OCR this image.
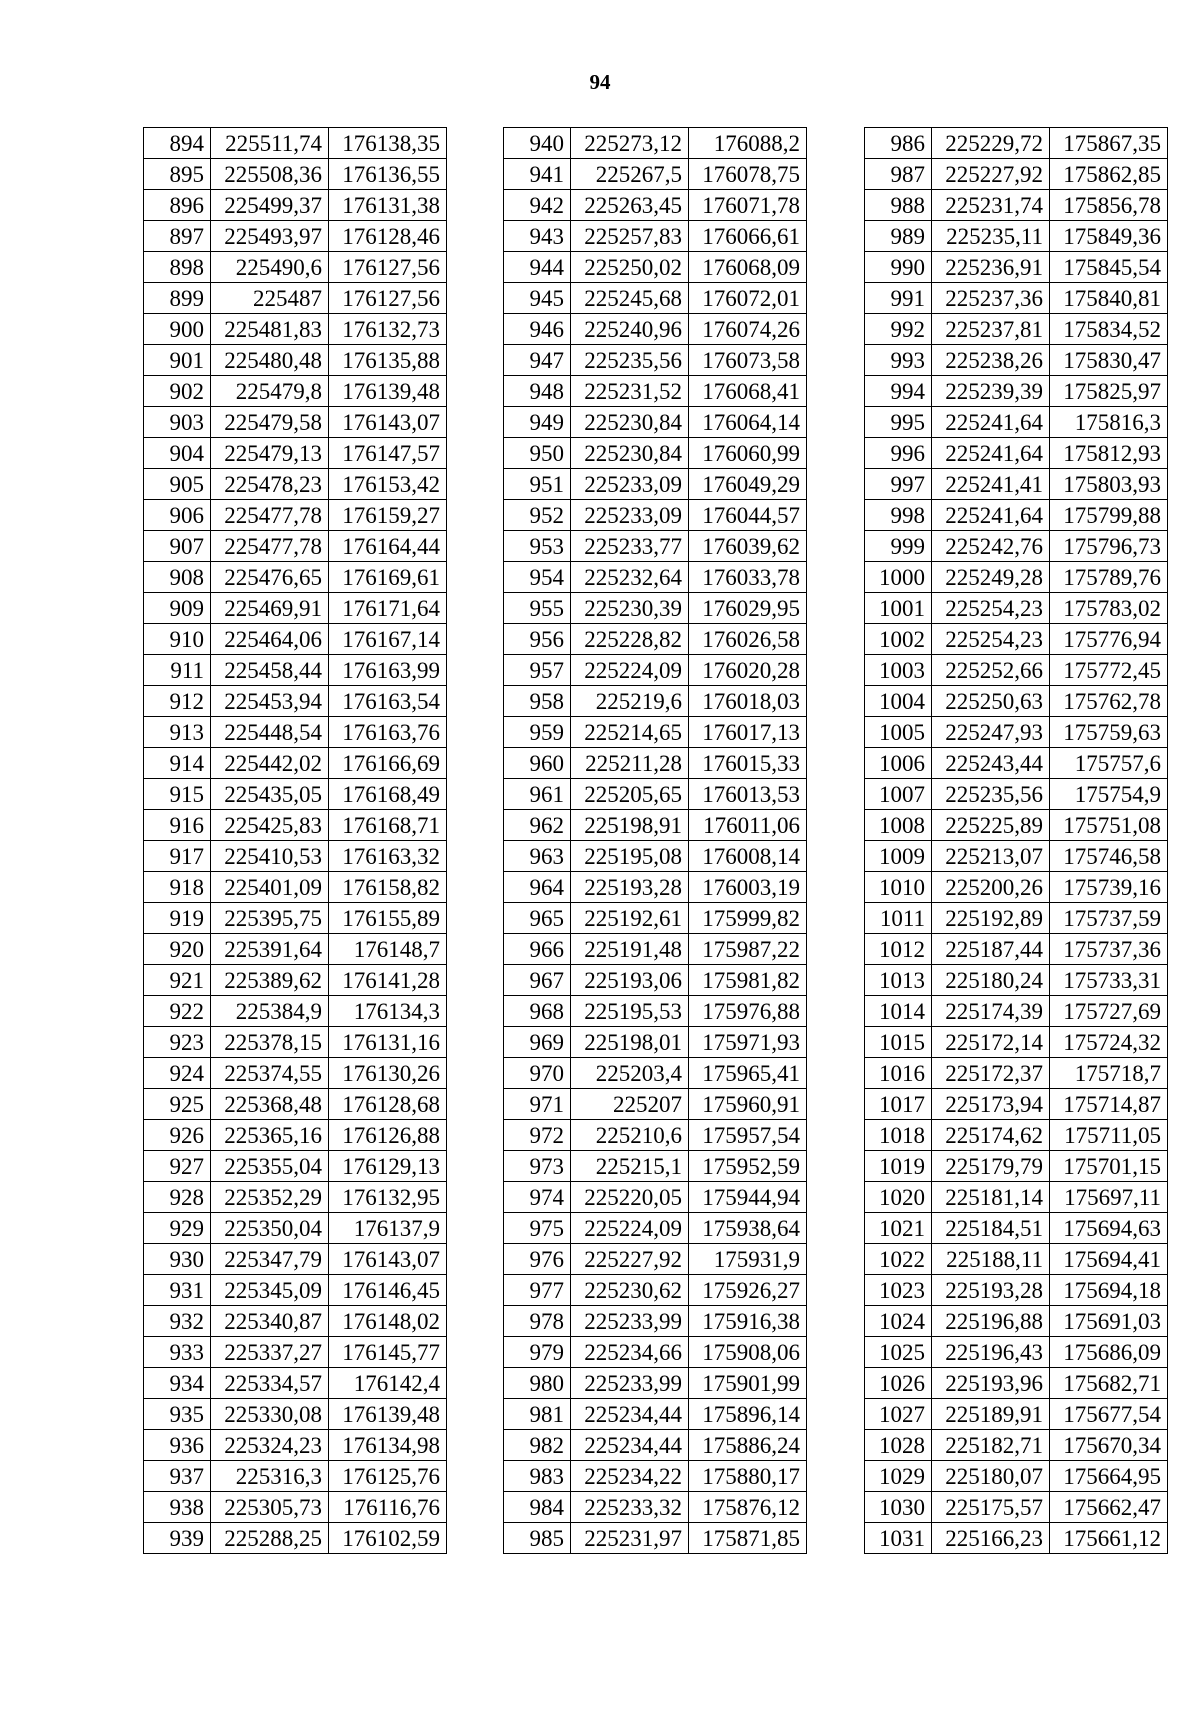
94
894	225511,74	176138,35
895	225508,36	176136,55
896	225499,37	176131,38
897	225493,97	176128,46
898	225490,6	176127,56
899	225487	176127,56
900	225481,83	176132,73
901	225480,48	176135,88
902	225479,8	176139,48
903	225479,58	176143,07
904	225479,13	176147,57
905	225478,23	176153,42
906	225477,78	176159,27
907	225477,78	176164,44
908	225476,65	176169,61
909	225469,91	176171,64
910	225464,06	176167,14
911	225458,44	176163,99
912	225453,94	176163,54
913	225448,54	176163,76
914	225442,02	176166,69
915	225435,05	176168,49
916	225425,83	176168,71
917	225410,53	176163,32
918	225401,09	176158,82
919	225395,75	176155,89
920	225391,64	176148,7
921	225389,62	176141,28
922	225384,9	176134,3
923	225378,15	176131,16
924	225374,55	176130,26
925	225368,48	176128,68
926	225365,16	176126,88
927	225355,04	176129,13
928	225352,29	176132,95
929	225350,04	176137,9
930	225347,79	176143,07
931	225345,09	176146,45
932	225340,87	176148,02
933	225337,27	176145,77
934	225334,57	176142,4
935	225330,08	176139,48
936	225324,23	176134,98
937	225316,3	176125,76
938	225305,73	176116,76
939	225288,25	176102,59
940	225273,12	176088,2
941	225267,5	176078,75
942	225263,45	176071,78
943	225257,83	176066,61
944	225250,02	176068,09
945	225245,68	176072,01
946	225240,96	176074,26
947	225235,56	176073,58
948	225231,52	176068,41
949	225230,84	176064,14
950	225230,84	176060,99
951	225233,09	176049,29
952	225233,09	176044,57
953	225233,77	176039,62
954	225232,64	176033,78
955	225230,39	176029,95
956	225228,82	176026,58
957	225224,09	176020,28
958	225219,6	176018,03
959	225214,65	176017,13
960	225211,28	176015,33
961	225205,65	176013,53
962	225198,91	176011,06
963	225195,08	176008,14
964	225193,28	176003,19
965	225192,61	175999,82
966	225191,48	175987,22
967	225193,06	175981,82
968	225195,53	175976,88
969	225198,01	175971,93
970	225203,4	175965,41
971	225207	175960,91
972	225210,6	175957,54
973	225215,1	175952,59
974	225220,05	175944,94
975	225224,09	175938,64
976	225227,92	175931,9
977	225230,62	175926,27
978	225233,99	175916,38
979	225234,66	175908,06
980	225233,99	175901,99
981	225234,44	175896,14
982	225234,44	175886,24
983	225234,22	175880,17
984	225233,32	175876,12
985	225231,97	175871,85
986	225229,72	175867,35
987	225227,92	175862,85
988	225231,74	175856,78
989	225235,11	175849,36
990	225236,91	175845,54
991	225237,36	175840,81
992	225237,81	175834,52
993	225238,26	175830,47
994	225239,39	175825,97
995	225241,64	175816,3
996	225241,64	175812,93
997	225241,41	175803,93
998	225241,64	175799,88
999	225242,76	175796,73
1000	225249,28	175789,76
1001	225254,23	175783,02
1002	225254,23	175776,94
1003	225252,66	175772,45
1004	225250,63	175762,78
1005	225247,93	175759,63
1006	225243,44	175757,6
1007	225235,56	175754,9
1008	225225,89	175751,08
1009	225213,07	175746,58
1010	225200,26	175739,16
1011	225192,89	175737,59
1012	225187,44	175737,36
1013	225180,24	175733,31
1014	225174,39	175727,69
1015	225172,14	175724,32
1016	225172,37	175718,7
1017	225173,94	175714,87
1018	225174,62	175711,05
1019	225179,79	175701,15
1020	225181,14	175697,11
1021	225184,51	175694,63
1022	225188,11	175694,41
1023	225193,28	175694,18
1024	225196,88	175691,03
1025	225196,43	175686,09
1026	225193,96	175682,71
1027	225189,91	175677,54
1028	225182,71	175670,34
1029	225180,07	175664,95
1030	225175,57	175662,47
1031	225166,23	175661,12
